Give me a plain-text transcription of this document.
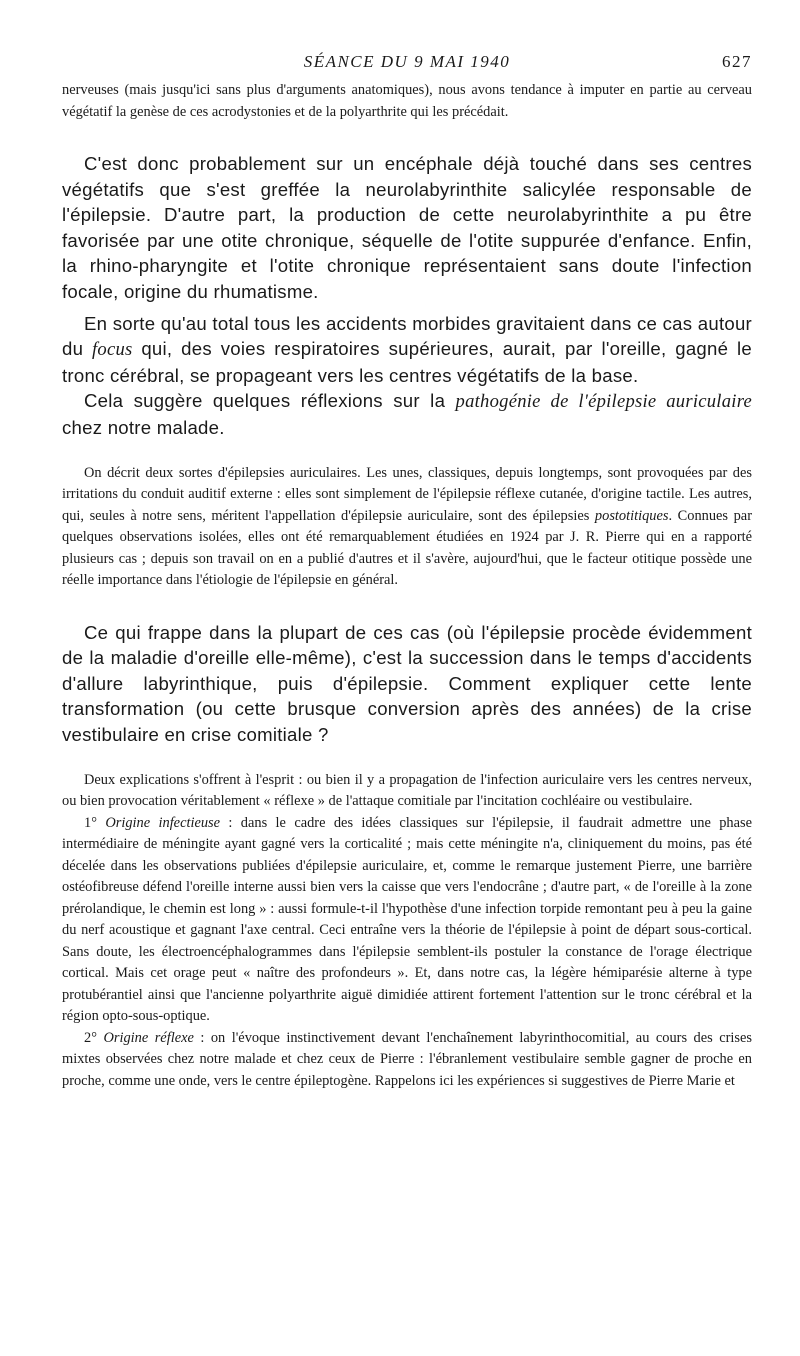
SÉANCE DU 9 MAI 1940	627

nerveuses (mais jusqu'ici sans plus d'arguments anatomiques), nous avons tendance à imputer en partie au cerveau végétatif la genèse de ces acrodystonies et de la polyarthrite qui les précédait.

C'est donc probablement sur un encéphale déjà touché dans ses centres végétatifs que s'est greffée la neurolabyrinthite salicylée responsable de l'épilepsie. D'autre part, la production de cette neurolabyrinthite a pu être favorisée par une otite chronique, séquelle de l'otite suppurée d'enfance. Enfin, la rhino-pharyngite et l'otite chronique représentaient sans doute l'infection focale, origine du rhumatisme.

En sorte qu'au total tous les accidents morbides gravitaient dans ce cas autour du focus qui, des voies respiratoires supérieures, aurait, par l'oreille, gagné le tronc cérébral, se propageant vers les centres végétatifs de la base.

Cela suggère quelques réflexions sur la pathogénie de l'épilepsie auriculaire chez notre malade.

On décrit deux sortes d'épilepsies auriculaires. Les unes, classiques, depuis longtemps, sont provoquées par des irritations du conduit auditif externe : elles sont simplement de l'épilepsie réflexe cutanée, d'origine tactile. Les autres, qui, seules à notre sens, méritent l'appellation d'épilepsie auriculaire, sont des épilepsies postotitiques. Connues par quelques observations isolées, elles ont été remarquablement étudiées en 1924 par J. R. Pierre qui en a rapporté plusieurs cas ; depuis son travail on en a publié d'autres et il s'avère, aujourd'hui, que le facteur otitique possède une réelle importance dans l'étiologie de l'épilepsie en général.

Ce qui frappe dans la plupart de ces cas (où l'épilepsie procède évidemment de la maladie d'oreille elle-même), c'est la succession dans le temps d'accidents d'allure labyrinthique, puis d'épilepsie. Comment expliquer cette lente transformation (ou cette brusque conversion après des années) de la crise vestibulaire en crise comitiale ?

Deux explications s'offrent à l'esprit : ou bien il y a propagation de l'infection auriculaire vers les centres nerveux, ou bien provocation véritablement « réflexe » de l'attaque comitiale par l'incitation cochléaire ou vestibulaire.

1° Origine infectieuse : dans le cadre des idées classiques sur l'épilepsie, il faudrait admettre une phase intermédiaire de méningite ayant gagné vers la corticalité ; mais cette méningite n'a, cliniquement du moins, pas été décelée dans les observations publiées d'épilepsie auriculaire, et, comme le remarque justement Pierre, une barrière ostéofibreuse défend l'oreille interne aussi bien vers la caisse que vers l'endocrâne ; d'autre part, « de l'oreille à la zone prérolandique, le chemin est long » : aussi formule-t-il l'hypothèse d'une infection torpide remontant peu à peu la gaine du nerf acoustique et gagnant l'axe central. Ceci entraîne vers la théorie de l'épilepsie à point de départ sous-cortical. Sans doute, les électroencéphalogrammes dans l'épilepsie semblent-ils postuler la constance de l'orage électrique cortical. Mais cet orage peut « naître des profondeurs ». Et, dans notre cas, la légère hémiparésie alterne à type protubérantiel ainsi que l'ancienne polyarthrite aiguë dimidiée attirent fortement l'attention sur le tronc cérébral et la région opto-sous-optique.

2° Origine réflexe : on l'évoque instinctivement devant l'enchaînement labyrinthocomitial, au cours des crises mixtes observées chez notre malade et chez ceux de Pierre : l'ébranlement vestibulaire semble gagner de proche en proche, comme une onde, vers le centre épileptogène. Rappelons ici les expériences si suggestives de Pierre Marie et
